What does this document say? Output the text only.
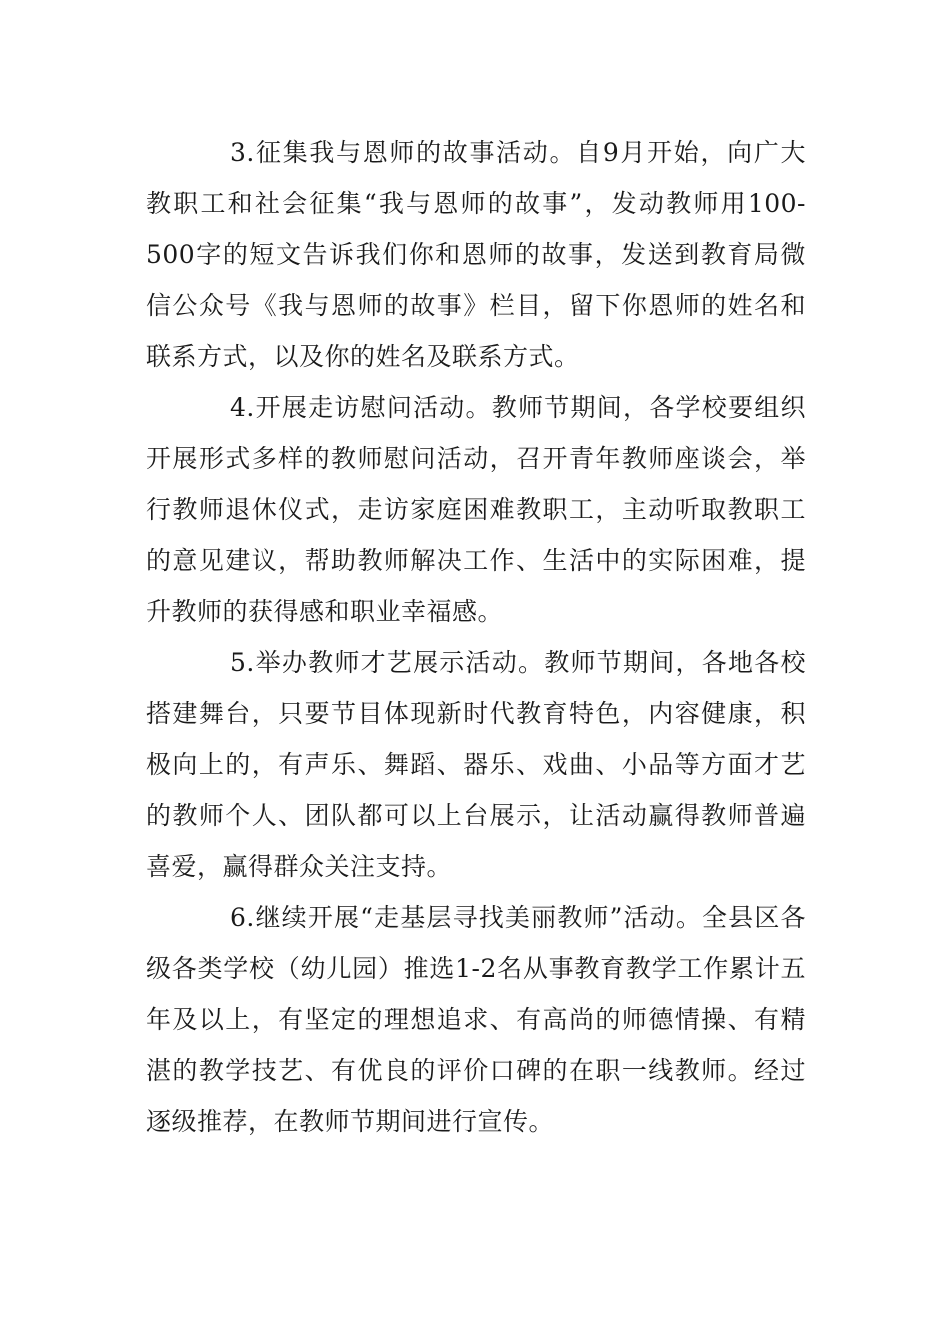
3.征集我与恩师的故事活动。自9月开始，向广大教职工和社会征集“我与恩师的故事”，发动教师用100-500字的短文告诉我们你和恩师的故事，发送到教育局微信公众号《我与恩师的故事》栏目，留下你恩师的姓名和联系方式，以及你的姓名及联系方式。

4.开展走访慰问活动。教师节期间，各学校要组织开展形式多样的教师慰问活动，召开青年教师座谈会，举行教师退休仪式，走访家庭困难教职工，主动听取教职工的意见建议，帮助教师解决工作、生活中的实际困难，提升教师的获得感和职业幸福感。

5.举办教师才艺展示活动。教师节期间，各地各校搭建舞台，只要节目体现新时代教育特色，内容健康，积极向上的，有声乐、舞蹈、器乐、戏曲、小品等方面才艺的教师个人、团队都可以上台展示，让活动赢得教师普遍喜爱，赢得群众关注支持。

6.继续开展“走基层寻找美丽教师”活动。全县区各级各类学校（幼儿园）推选1-2名从事教育教学工作累计五年及以上，有坚定的理想追求、有高尚的师德情操、有精湛的教学技艺、有优良的评价口碑的在职一线教师。经过逐级推荐，在教师节期间进行宣传。
